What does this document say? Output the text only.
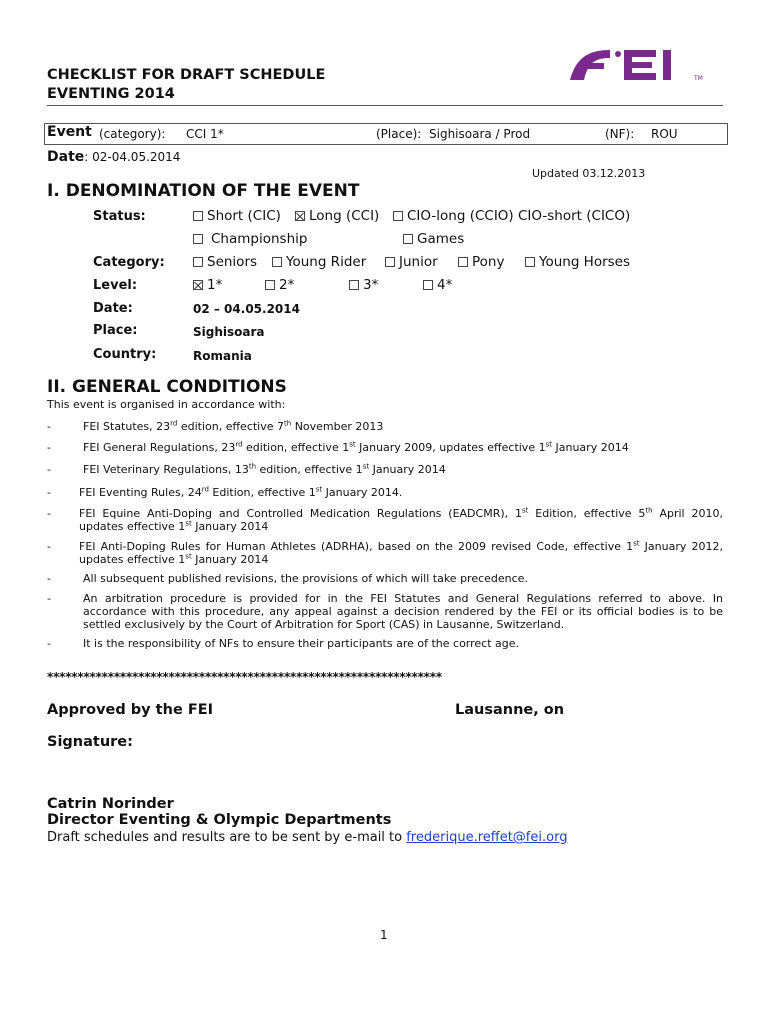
CHECKLIST FOR DRAFT SCHEDULE
EVENTING 2014
TM
Event (category): CCI 1*	(Place): Sighisoara / Prod	(NF): ROU
Date: 02-04.05.2014
Updated 03.12.2013
I. DENOMINATION OF THE EVENT
Status:	Short (CIC) Long (CCI) CIO-long (CCIO) CIO-short (CICO)
Championship	Games
Category:	Seniors Young Rider Junior	Pony	Young Horses
Level:	1*	2*	3*	4*
Date:	02 – 04.05.2014
Place:	Sighisoara
Country:	Romania
II. GENERAL CONDITIONS
This event is organised in accordance with:
-	FEI Statutes, 23rd edition, effective 7th November 2013
-	FEI General Regulations, 23rd edition, effective 1st January 2009, updates effective 1st January 2014
-	FEI Veterinary Regulations, 13th edition, effective 1st January 2014
-	FEI Eventing Rules, 24rd Edition, effective 1st January 2014.
-	FEI Equine Anti-Doping and Controlled Medication Regulations (EADCMR), 1st Edition, effective 5th April 2010, updates effective 1st January 2014
-	FEI Anti-Doping Rules for Human Athletes (ADRHA), based on the 2009 revised Code, effective 1st January 2012, updates effective 1st January 2014
-	All subsequent published revisions, the provisions of which will take precedence.
-	An arbitration procedure is provided for in the FEI Statutes and General Regulations referred to above. In accordance with this procedure, any appeal against a decision rendered by the FEI or its official bodies is to be settled exclusively by the Court of Arbitration for Sport (CAS) in Lausanne, Switzerland.
-	It is the responsibility of NFs to ensure their participants are of the correct age.
*****************************************************************
Approved by the FEI	Lausanne, on
Signature:
Catrin Norinder
Director Eventing & Olympic Departments
Draft schedules and results are to be sent by e-mail to frederique.reffet@fei.org
1
